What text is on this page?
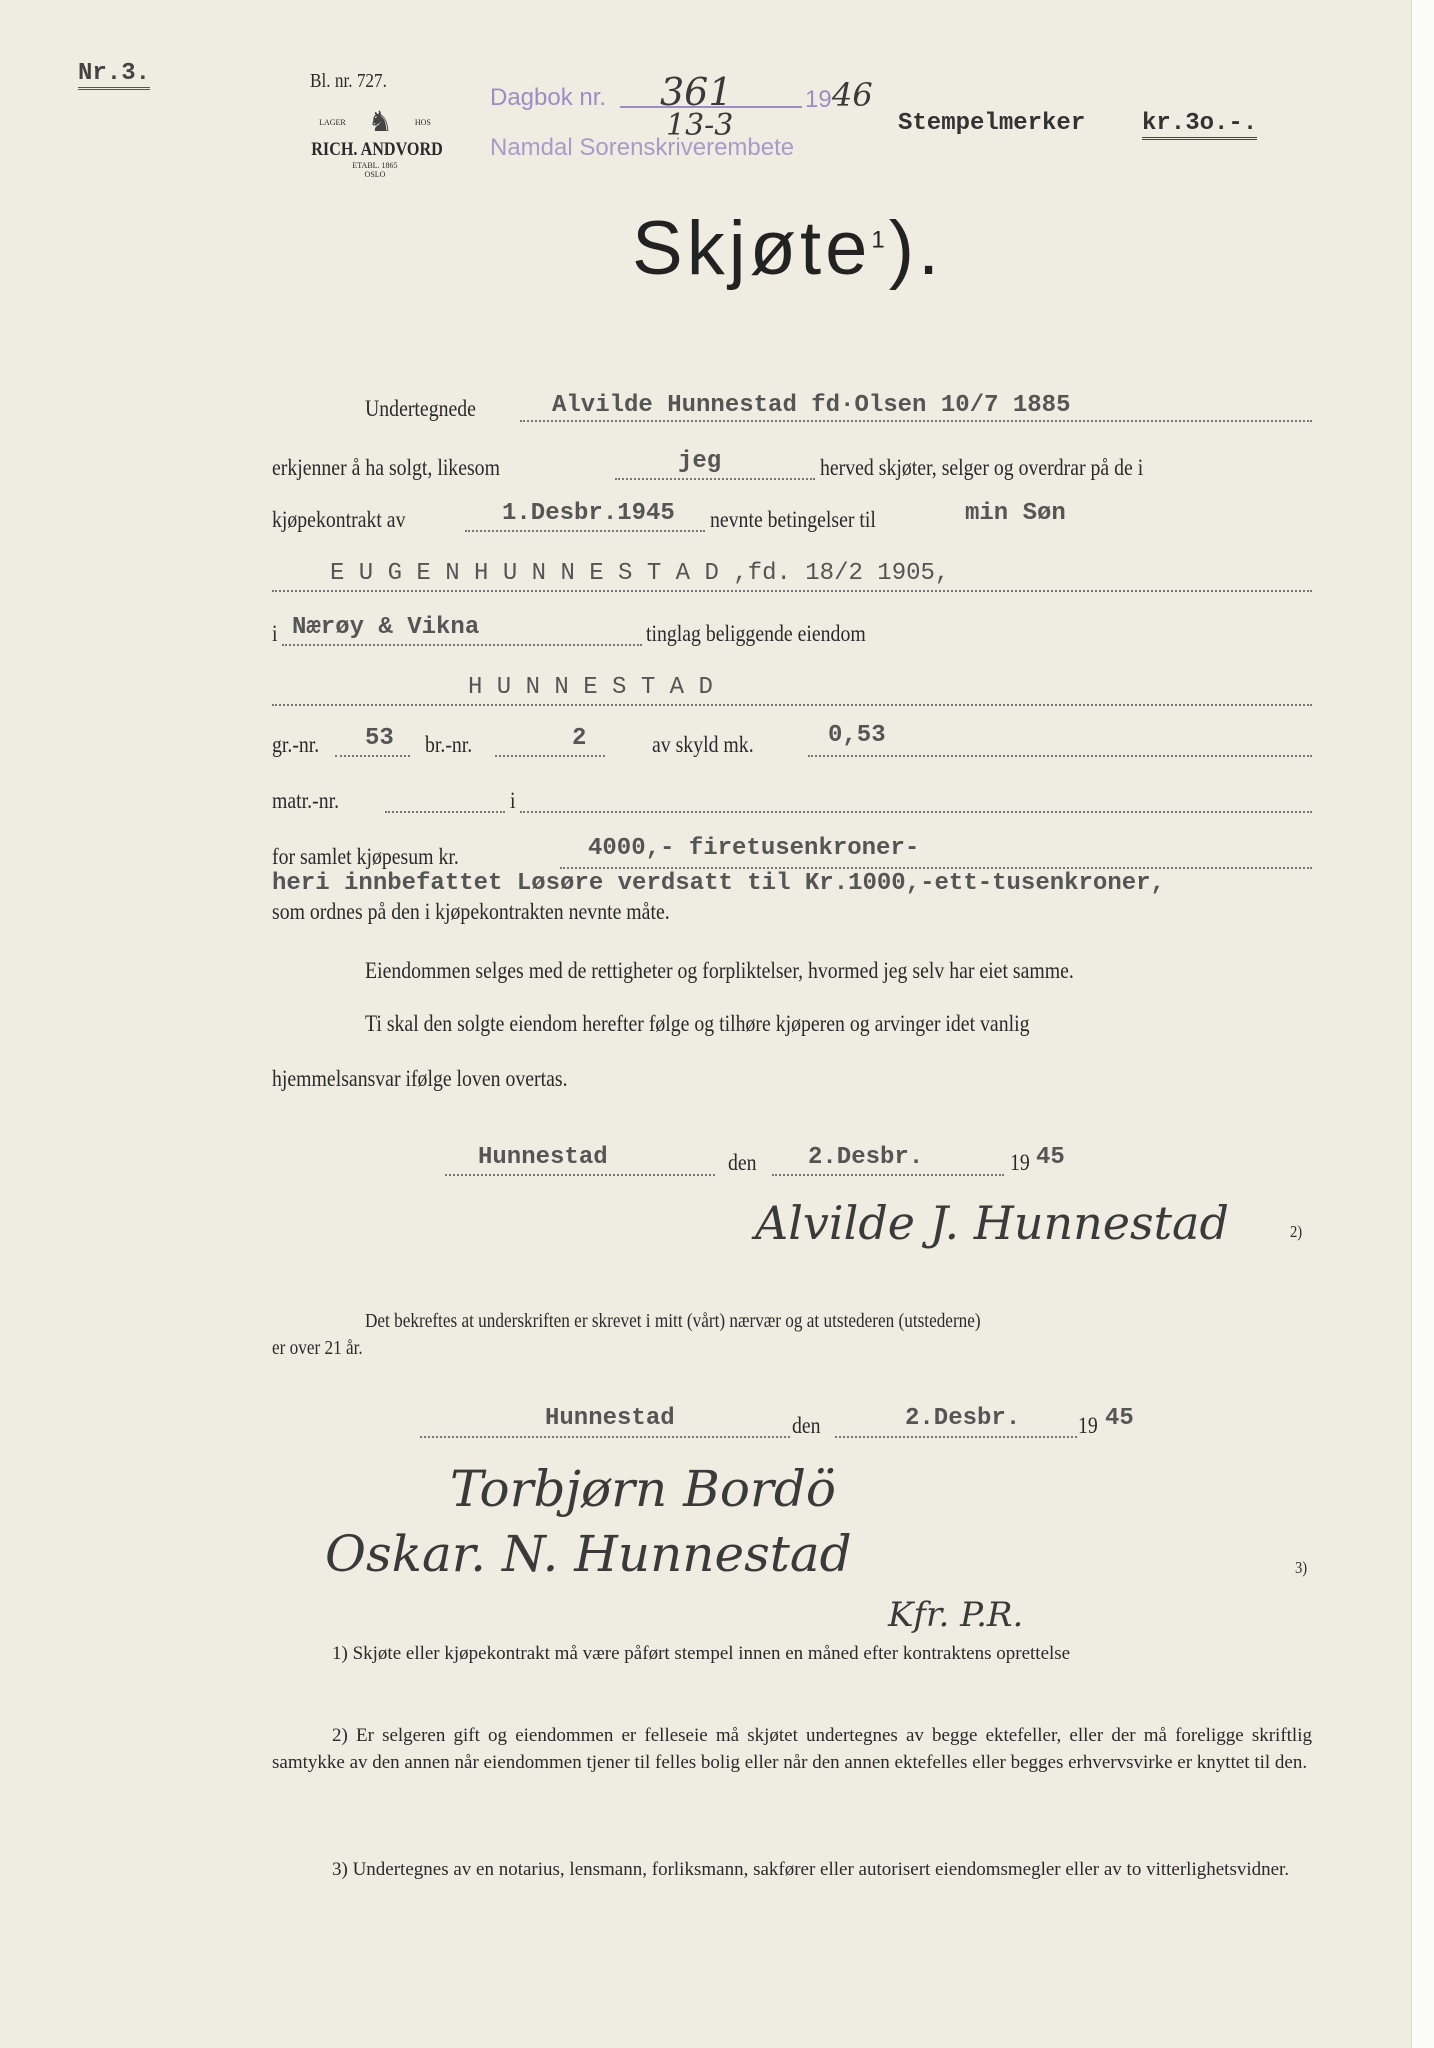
Nr.3.	Bl. nr. 727.
LAGER ♞	HOS
RICH. ANDVORD
ETABL. 1865
OSLO
Dagbok nr. 361	19 46
13-3
Namdal Sorenskriverembete
Stempelmerker kr.3o.-.
Skjøte$^1$).
Undertegnede	Alvilde Hunnestad fd·Olsen 10/7 1885
erkjenner å ha solgt, likesom	jeg	herved skjøter, selger og overdrar på de i
kjøpekontrakt av	1.Desbr.1945 nevnte betingelser til	min Søn
E U G E N H U N N E S T A D ,fd. 18/2 1905,
i Nærøy & Vikna	tinglag beliggende eiendom
H U N N E S T A D
gr.-nr. 53 br.-nr.	2	av skyld mk.	0,53
matr.-nr.	i
for samlet kjøpesum kr.	4000,- firetusenkroner-
heri innbefattet Løsøre verdsatt til Kr.1000,-ett-tusenkroner,
som ordnes på den i kjøpekontrakten nevnte måte.
Eiendommen selges med de rettigheter og forpliktelser, hvormed jeg selv har eiet samme.
Ti skal den solgte eiendom herefter følge og tilhøre kjøperen og arvinger idet vanlig
hjemmelsansvar ifølge loven overtas.
Hunnestad	den 2.Desbr.	19 45
Alvilde J. Hunnestad	2)
Det bekreftes at underskriften er skrevet i mitt (vårt) nærvær og at utstederen (utstederne)
er over 21 år.
Hunnestad	den	2.Desbr.	19 45
Torbjørn Bordö
Oskar. N. Hunnestad	3)
Kfr. P.R.
1) Skjøte eller kjøpekontrakt må være påført stempel innen en måned efter kontraktens oprettelse
2) Er selgeren gift og eiendommen er felleseie må skjøtet undertegnes av begge ektefeller, eller der må foreligge skriftlig samtykke av den annen når eiendommen tjener til felles bolig eller når den annen ektefelles eller begges erhvervsvirke er knyttet til den.
3) Undertegnes av en notarius, lensmann, forliksmann, sakfører eller autorisert eiendomsmegler eller av to vitterlighetsvidner.
